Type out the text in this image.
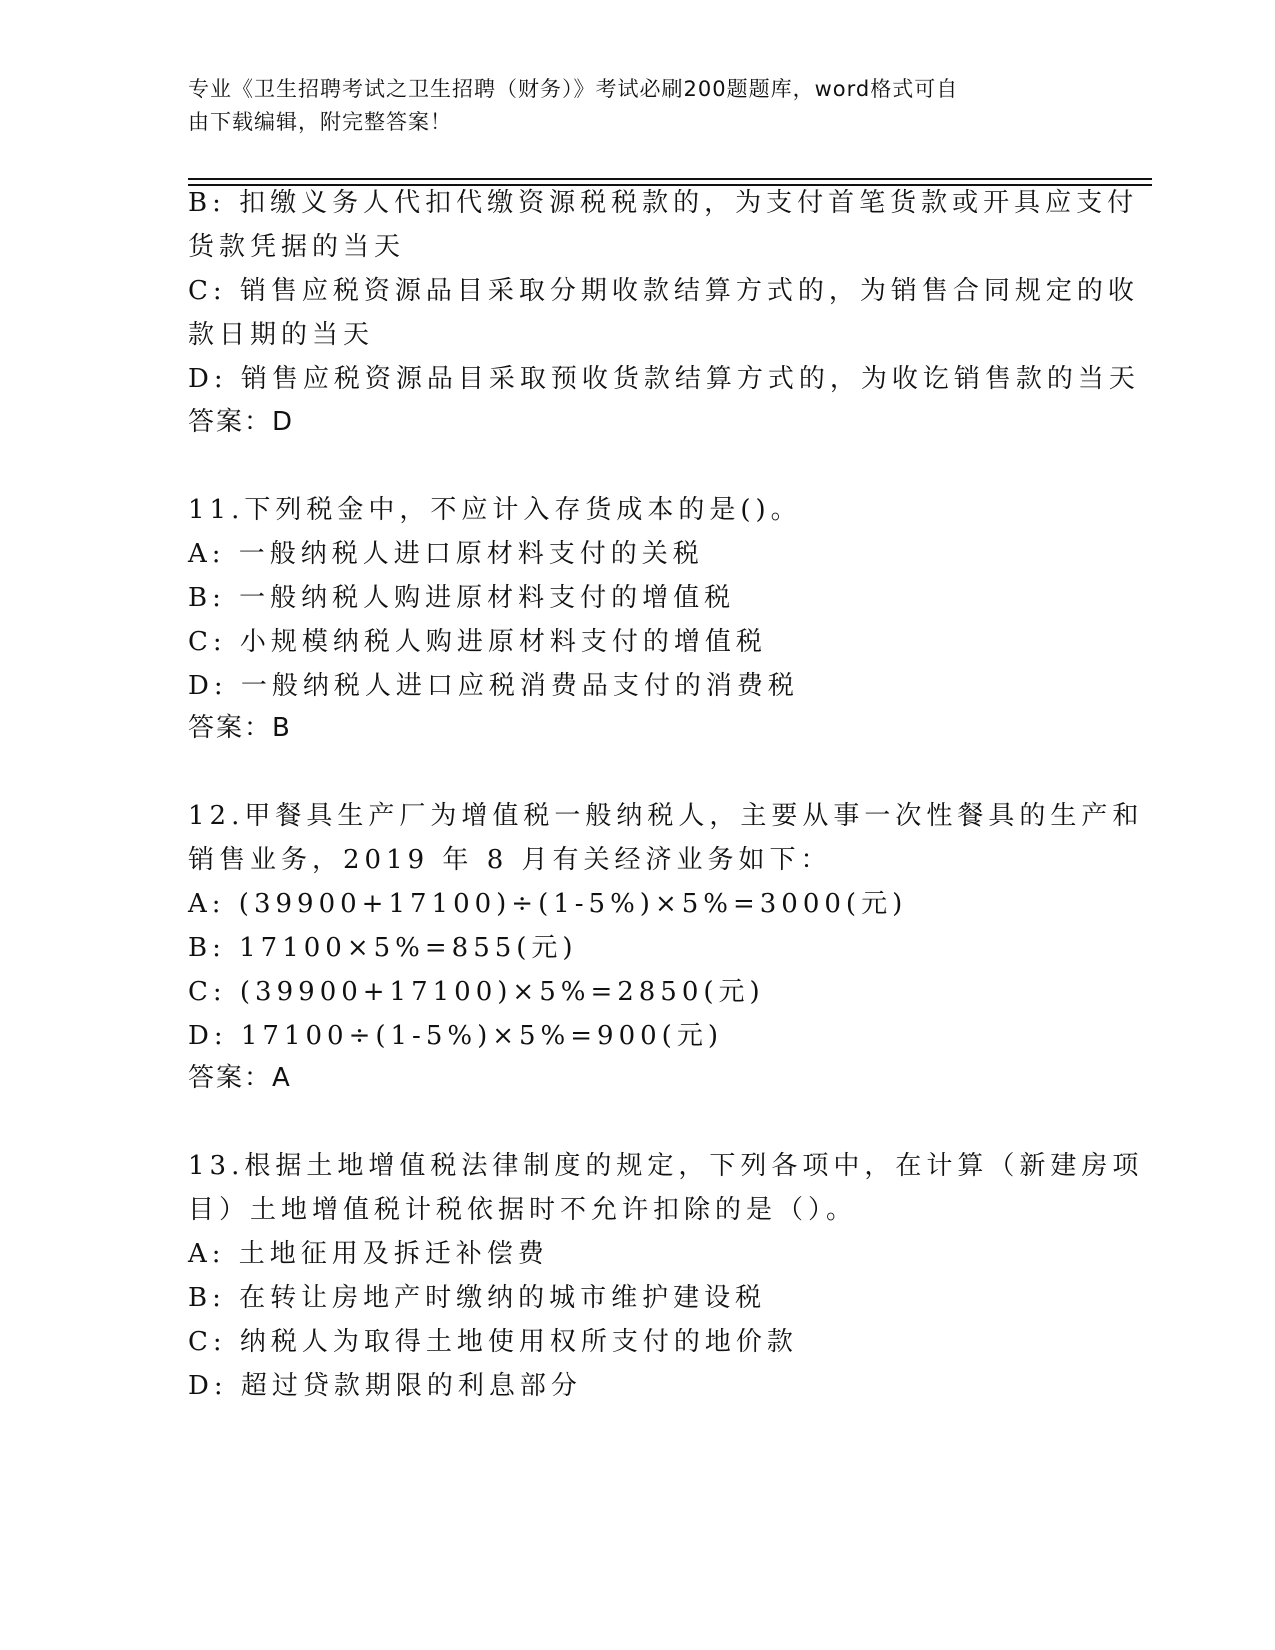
专业《卫生招聘考试之卫生招聘（财务）》考试必刷200题题库，word格式可自
由下载编辑，附完整答案！
B: 扣缴义务人代扣代缴资源税税款的，为支付首笔货款或开具应支付
货款凭据的当天
C: 销售应税资源品目采取分期收款结算方式的，为销售合同规定的收
款日期的当天
D: 销售应税资源品目采取预收货款结算方式的，为收讫销售款的当天
答案：D
11.下列税金中，不应计入存货成本的是()。
A: 一般纳税人进口原材料支付的关税
B: 一般纳税人购进原材料支付的增值税
C: 小规模纳税人购进原材料支付的增值税
D: 一般纳税人进口应税消费品支付的消费税
答案：B
12.甲餐具生产厂为增值税一般纳税人，主要从事一次性餐具的生产和
销售业务，2019 年 8 月有关经济业务如下：
A: (39900+17100)÷(1-5%)×5%=3000(元)
B: 17100×5%=855(元)
C: (39900+17100)×5%=2850(元)
D: 17100÷(1-5%)×5%=900(元)
答案：A
13.根据土地增值税法律制度的规定，下列各项中，在计算（新建房项
目）土地增值税计税依据时不允许扣除的是（）。
A: 土地征用及拆迁补偿费
B: 在转让房地产时缴纳的城市维护建设税
C: 纳税人为取得土地使用权所支付的地价款
D: 超过贷款期限的利息部分
